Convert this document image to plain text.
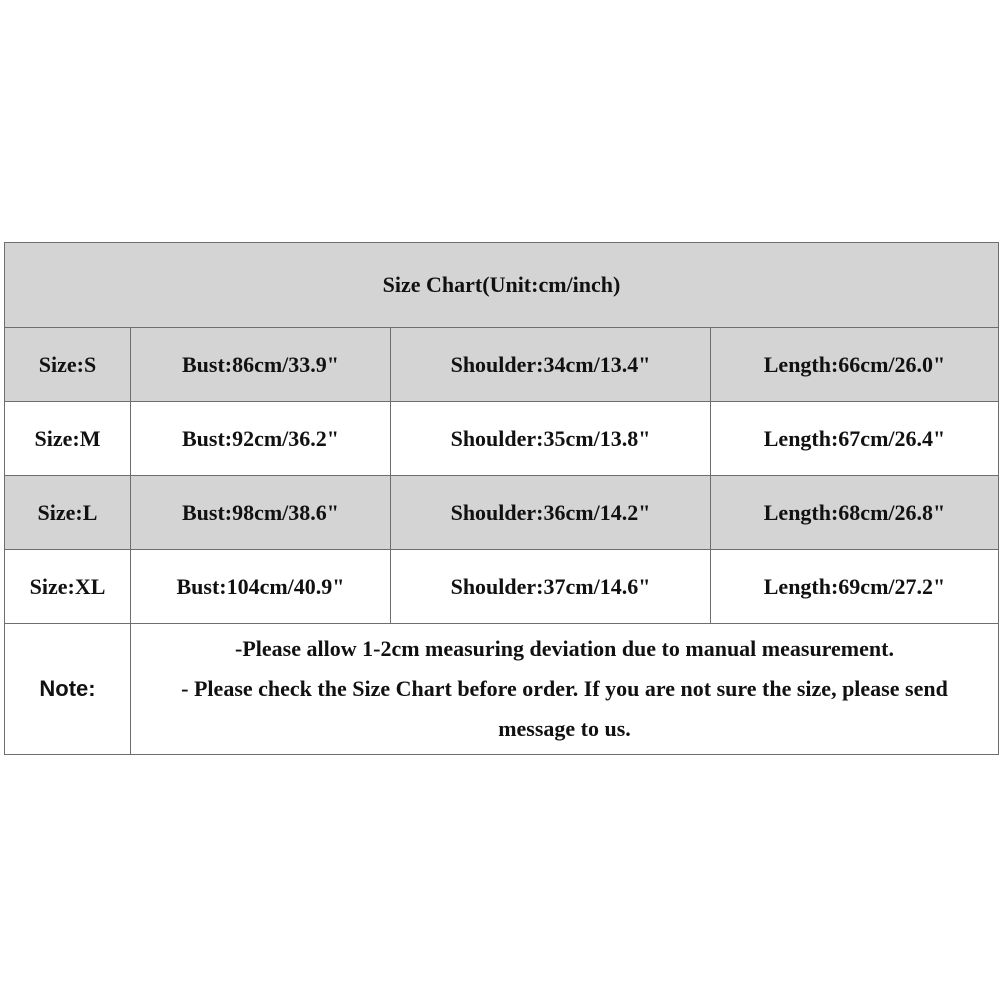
Size Chart(Unit:cm/inch)			
Size:S	Bust:86cm/33.9"	Shoulder:34cm/13.4"	Length:66cm/26.0"
Size:M	Bust:92cm/36.2"	Shoulder:35cm/13.8"	Length:67cm/26.4"
Size:L	Bust:98cm/38.6"	Shoulder:36cm/14.2"	Length:68cm/26.8"
Size:XL	Bust:104cm/40.9"	Shoulder:37cm/14.6"	Length:69cm/27.2"
Note:	-Please allow 1-2cm measuring deviation due to manual measurement.
- Please check the Size Chart before order. If you are not sure the size, please send
message to us.		
